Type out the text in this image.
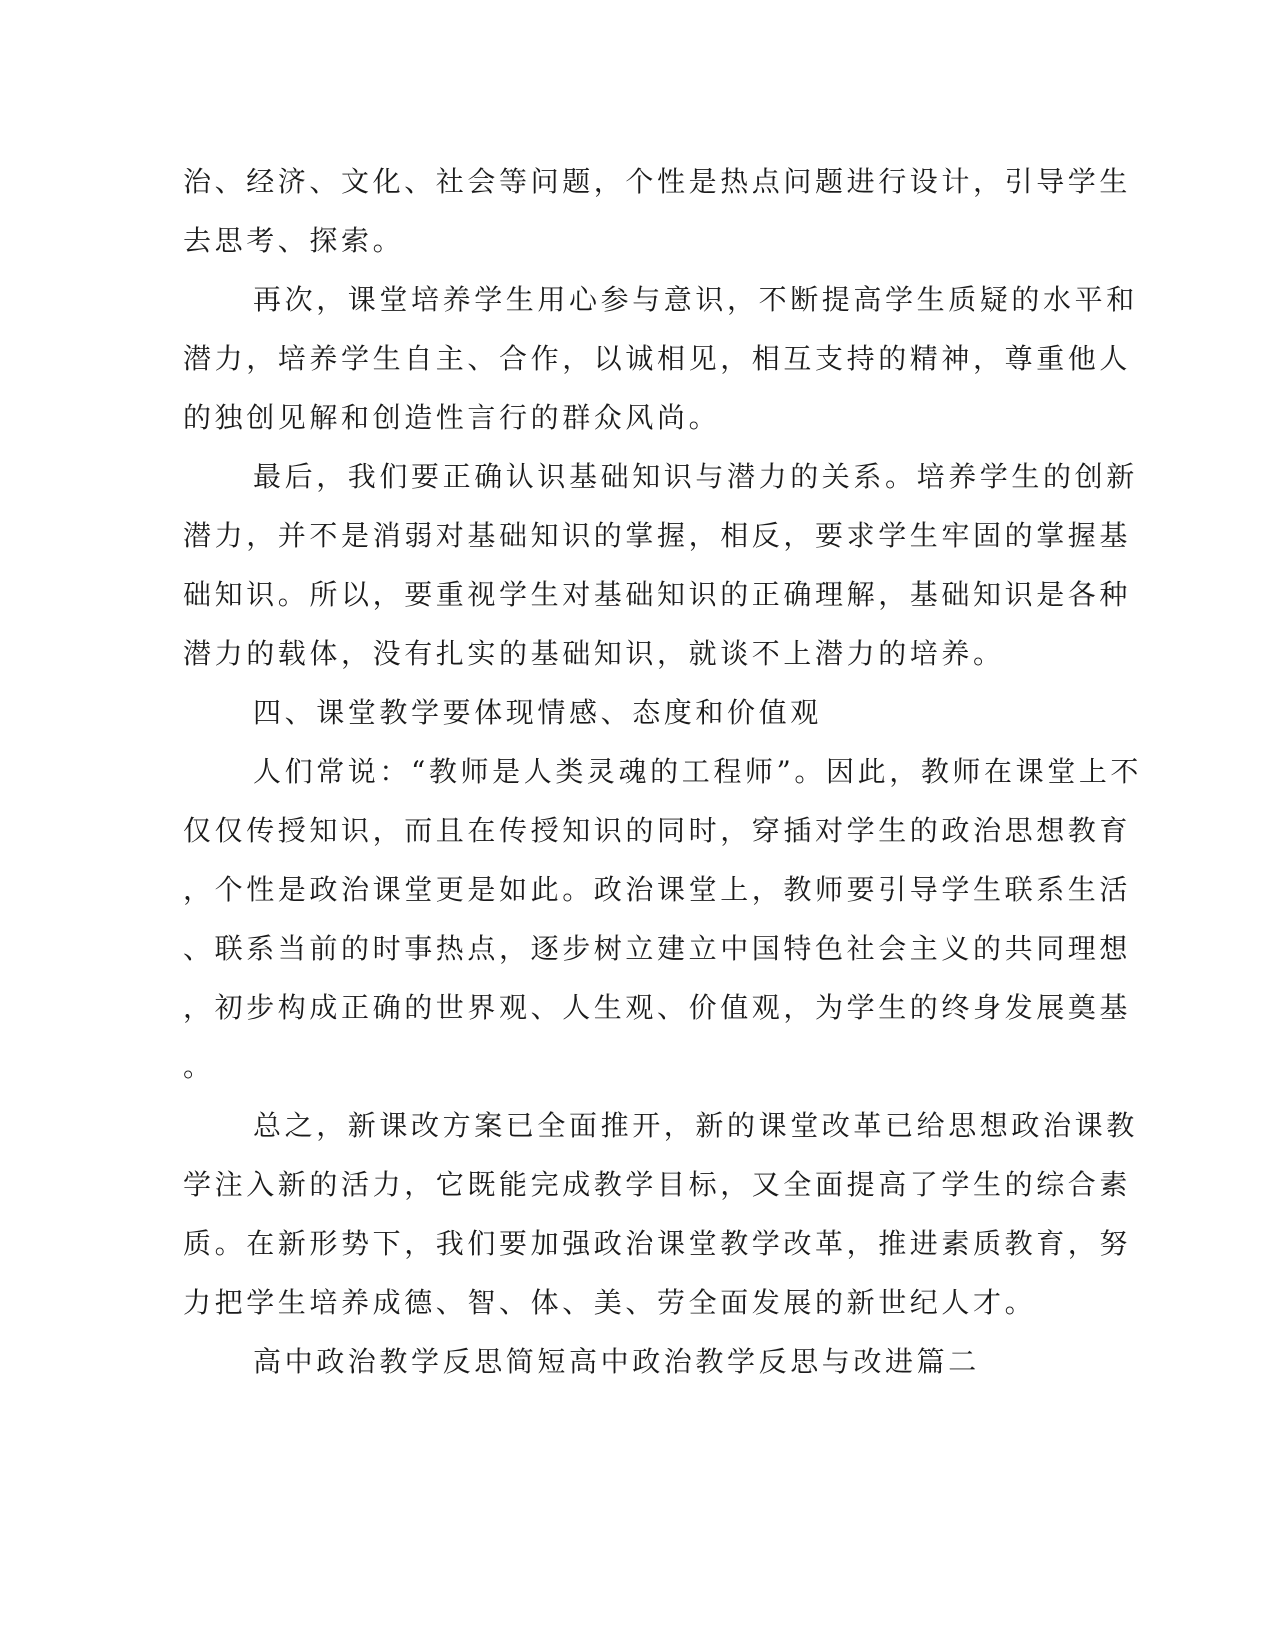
治、经济、文化、社会等问题，个性是热点问题进行设计，引导学生
去思考、探索。
再次，课堂培养学生用心参与意识，不断提高学生质疑的水平和
潜力，培养学生自主、合作，以诚相见，相互支持的精神，尊重他人
的独创见解和创造性言行的群众风尚。
最后，我们要正确认识基础知识与潜力的关系。培养学生的创新
潜力，并不是消弱对基础知识的掌握，相反，要求学生牢固的掌握基
础知识。所以，要重视学生对基础知识的正确理解，基础知识是各种
潜力的载体，没有扎实的基础知识，就谈不上潜力的培养。
四、课堂教学要体现情感、态度和价值观
人们常说：“教师是人类灵魂的工程师”。因此，教师在课堂上不
仅仅传授知识，而且在传授知识的同时，穿插对学生的政治思想教育
，个性是政治课堂更是如此。政治课堂上，教师要引导学生联系生活
、联系当前的时事热点，逐步树立建立中国特色社会主义的共同理想
，初步构成正确的世界观、人生观、价值观，为学生的终身发展奠基
。
总之，新课改方案已全面推开，新的课堂改革已给思想政治课教
学注入新的活力，它既能完成教学目标，又全面提高了学生的综合素
质。在新形势下，我们要加强政治课堂教学改革，推进素质教育，努
力把学生培养成德、智、体、美、劳全面发展的新世纪人才。
高中政治教学反思简短高中政治教学反思与改进篇二
